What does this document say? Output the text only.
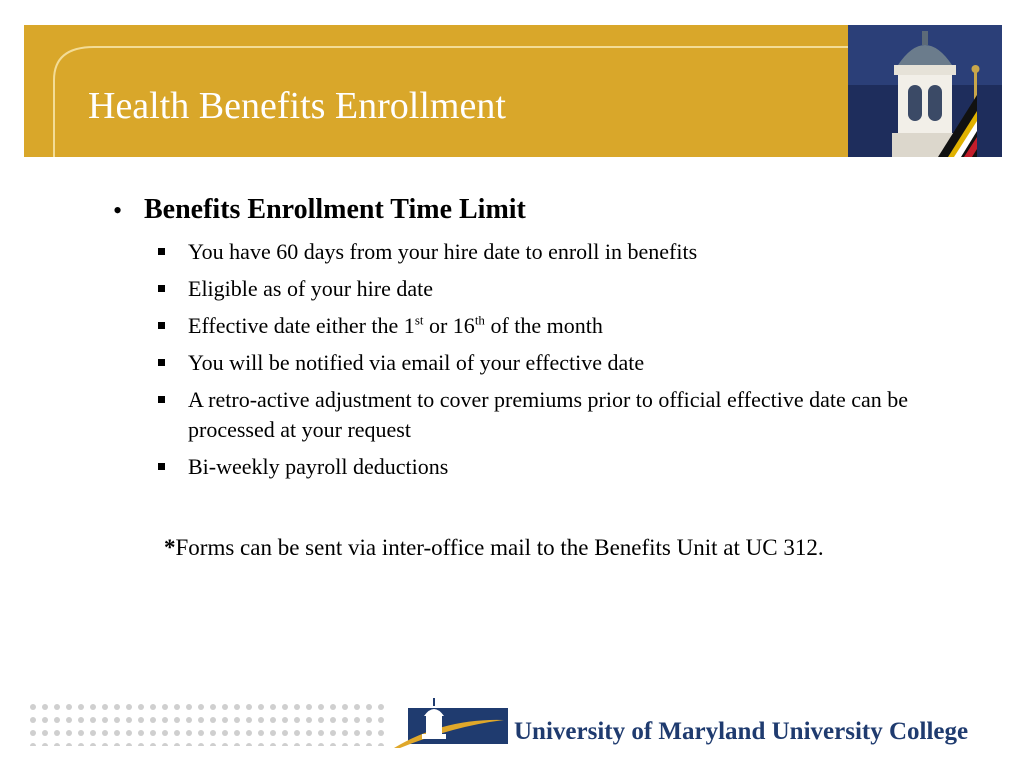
Health Benefits Enrollment
• Benefits Enrollment Time Limit
You have 60 days from your hire date to enroll in benefits
Eligible as of your hire date
Effective date either the 1st or 16th of the month
You will be notified via email of your effective date
A retro-active adjustment to cover premiums prior to official effective date can be processed at your request
Bi-weekly payroll deductions

*Forms can be sent via inter-office mail to the Benefits Unit at UC 312.

University of Maryland University College
